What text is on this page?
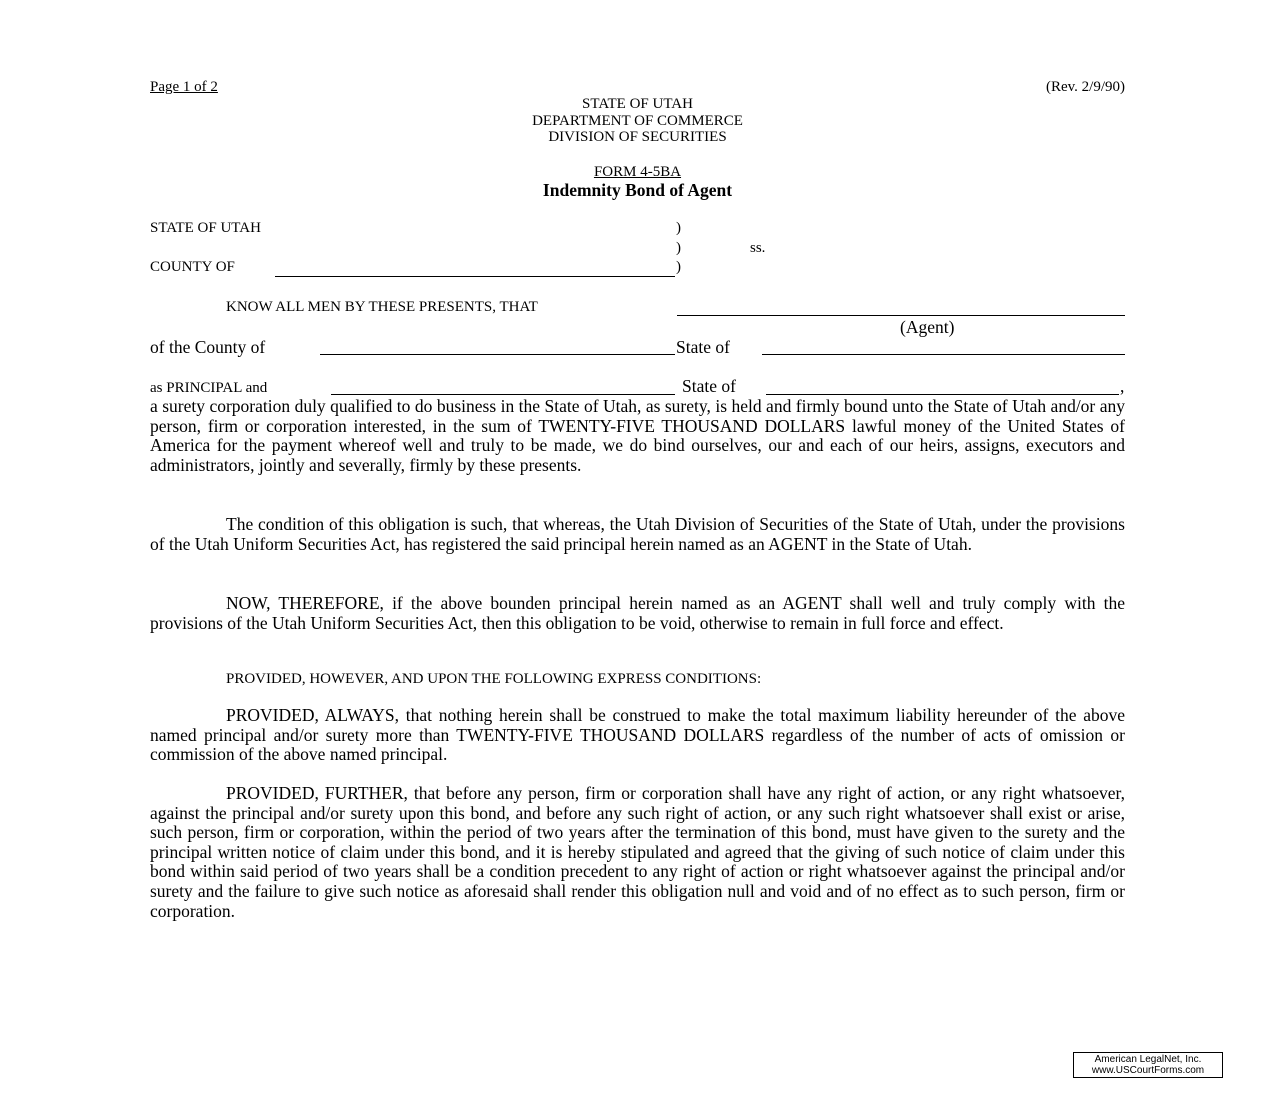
Page 1 of 2	(Rev. 2/9/90)
STATE OF UTAH
DEPARTMENT OF COMMERCE
DIVISION OF SECURITIES
FORM 4-5BA
Indemnity Bond of Agent
STATE OF UTAH	)
)	ss.
COUNTY OF	)
KNOW ALL MEN BY THESE PRESENTS, THAT
(Agent)
of the County of	State of
as PRINCIPAL and	State of	,
a surety corporation duly qualified to do business in the State of Utah, as surety, is held and firmly bound unto the State of Utah and/or any person, firm or corporation interested, in the sum of TWENTY-FIVE THOUSAND DOLLARS lawful money of the United States of America for the payment whereof well and truly to be made, we do bind ourselves, our and each of our heirs, assigns, executors and administrators, jointly and severally, firmly by these presents.
The condition of this obligation is such, that whereas, the Utah Division of Securities of the State of Utah, under the provisions of the Utah Uniform Securities Act, has registered the said principal herein named as an AGENT in the State of Utah.
NOW, THEREFORE, if the above bounden principal herein named as an AGENT shall well and truly comply with the provisions of the Utah Uniform Securities Act, then this obligation to be void, otherwise to remain in full force and effect.
PROVIDED, HOWEVER, AND UPON THE FOLLOWING EXPRESS CONDITIONS:
PROVIDED, ALWAYS, that nothing herein shall be construed to make the total maximum liability hereunder of the above named principal and/or surety more than TWENTY-FIVE THOUSAND DOLLARS regardless of the number of acts of omission or commission of the above named principal.
PROVIDED, FURTHER, that before any person, firm or corporation shall have any right of action, or any right whatsoever, against the principal and/or surety upon this bond, and before any such right of action, or any such right whatsoever shall exist or arise, such person, firm or corporation, within the period of two years after the termination of this bond, must have given to the surety and the principal written notice of claim under this bond, and it is hereby stipulated and agreed that the giving of such notice of claim under this bond within said period of two years shall be a condition precedent to any right of action or right whatsoever against the principal and/or surety and the failure to give such notice as aforesaid shall render this obligation null and void and of no effect as to such person, firm or corporation.
American LegalNet, Inc.
www.USCourtForms.com
